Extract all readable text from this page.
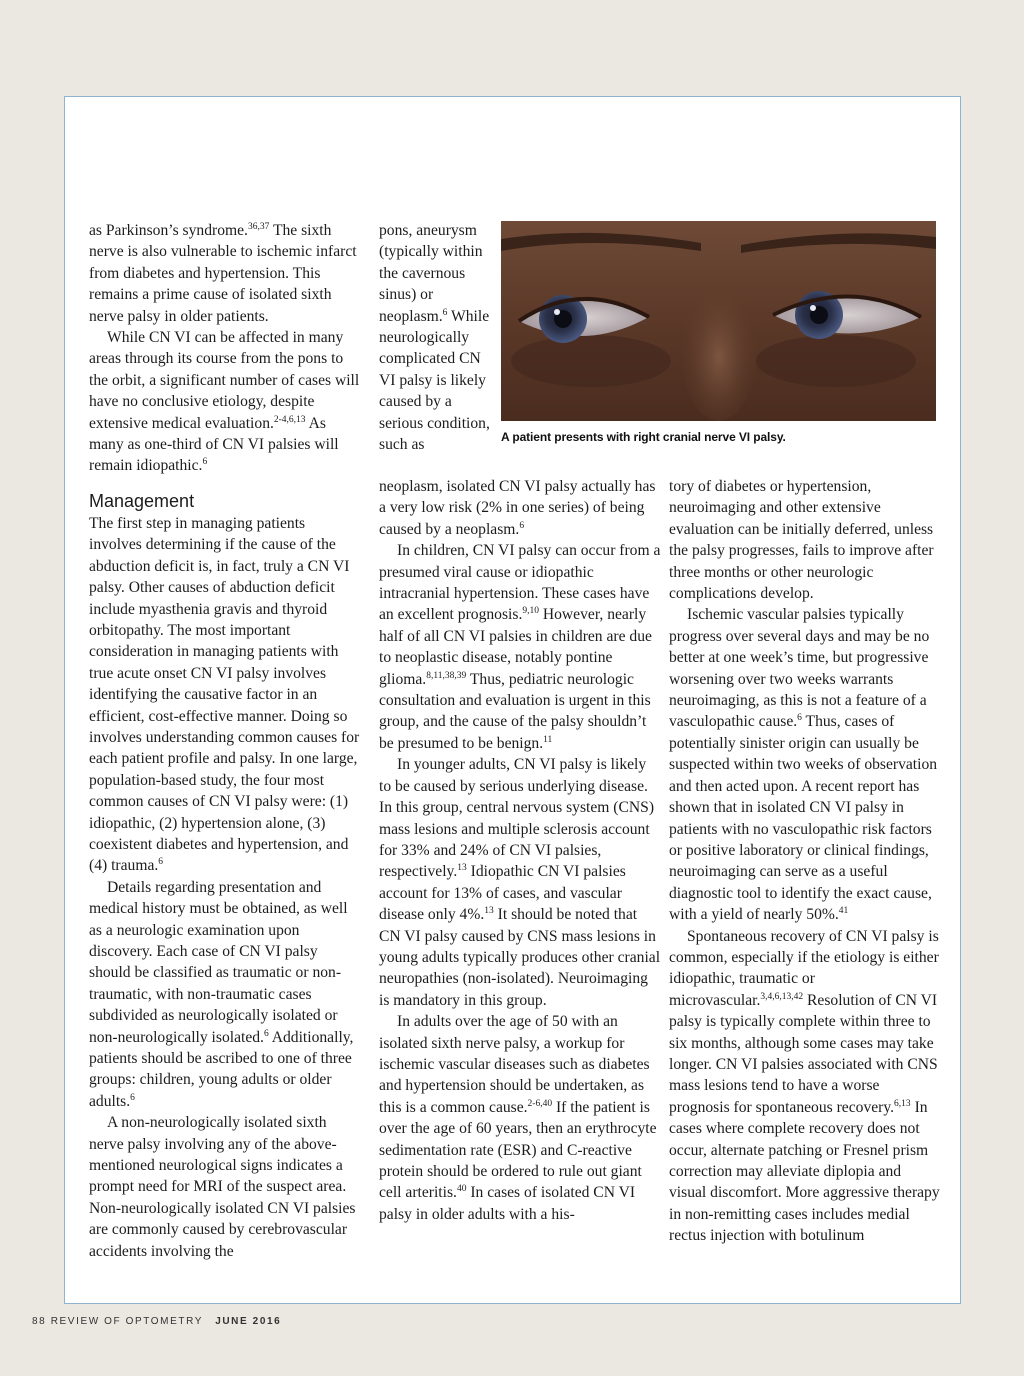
as Parkinson’s syndrome.$^{36,37}$ The sixth nerve is also vulnerable to ischemic infarct from diabetes and hypertension. This remains a prime cause of isolated sixth nerve palsy in older patients.

While CN VI can be affected in many areas through its course from the pons to the orbit, a significant number of cases will have no conclusive etiology, despite extensive medical evaluation.$^{2-4,6,13}$ As many as one-third of CN VI palsies will remain idiopathic.$^6$

Management

The first step in managing patients involves determining if the cause of the abduction deficit is, in fact, truly a CN VI palsy. Other causes of abduction deficit include myasthenia gravis and thyroid orbitopathy. The most important consideration in managing patients with true acute onset CN VI palsy involves identifying the causative factor in an efficient, cost-effective manner. Doing so involves understanding common causes for each patient profile and palsy. In one large, population-based study, the four most common causes of CN VI palsy were: (1) idiopathic, (2) hypertension alone, (3) coexistent diabetes and hypertension, and (4) trauma.$^6$

Details regarding presentation and medical history must be obtained, as well as a neurologic examination upon discovery. Each case of CN VI palsy should be classified as traumatic or non-traumatic, with non-traumatic cases subdivided as neurologically isolated or non-neurologically isolated.$^6$ Additionally, patients should be ascribed to one of three groups: children, young adults or older adults.$^6$

A non-neurologically isolated sixth nerve palsy involving any of the above-mentioned neurological signs indicates a prompt need for MRI of the suspect area. Non-neurologically isolated CN VI palsies are commonly caused by cerebrovascular accidents involving the

pons, aneurysm (typically within the cavernous sinus) or neoplasm.$^6$ While neurologically complicated CN VI palsy is likely caused by a serious condition, such as

neoplasm, isolated CN VI palsy actually has a very low risk (2% in one series) of being caused by a neoplasm.$^6$

In children, CN VI palsy can occur from a presumed viral cause or idiopathic intracranial hypertension. These cases have an excellent prognosis.$^{9,10}$ However, nearly half of all CN VI palsies in children are due to neoplastic disease, notably pontine glioma.$^{8,11,38,39}$ Thus, pediatric neurologic consultation and evaluation is urgent in this group, and the cause of the palsy shouldn’t be presumed to be benign.$^{11}$

In younger adults, CN VI palsy is likely to be caused by serious underlying disease. In this group, central nervous system (CNS) mass lesions and multiple sclerosis account for 33% and 24% of CN VI palsies, respectively.$^{13}$ Idiopathic CN VI palsies account for 13% of cases, and vascular disease only 4%.$^{13}$ It should be noted that CN VI palsy caused by CNS mass lesions in young adults typically produces other cranial neuropathies (non-isolated). Neuroimaging is mandatory in this group.

In adults over the age of 50 with an isolated sixth nerve palsy, a workup for ischemic vascular diseases such as diabetes and hypertension should be undertaken, as this is a common cause.$^{2-6,40}$ If the patient is over the age of 60 years, then an erythrocyte sedimentation rate (ESR) and C-reactive protein should be ordered to rule out giant cell arteritis.$^{40}$ In cases of isolated CN VI palsy in older adults with a his-

A patient presents with right cranial nerve VI palsy.

tory of diabetes or hypertension, neuroimaging and other extensive evaluation can be initially deferred, unless the palsy progresses, fails to improve after three months or other neurologic complications develop.

Ischemic vascular palsies typically progress over several days and may be no better at one week’s time, but progressive worsening over two weeks warrants neuroimaging, as this is not a feature of a vasculopathic cause.$^6$ Thus, cases of potentially sinister origin can usually be suspected within two weeks of observation and then acted upon. A recent report has shown that in isolated CN VI palsy in patients with no vasculopathic risk factors or positive laboratory or clinical findings, neuroimaging can serve as a useful diagnostic tool to identify the exact cause, with a yield of nearly 50%.$^{41}$

Spontaneous recovery of CN VI palsy is common, especially if the etiology is either idiopathic, traumatic or microvascular.$^{3,4,6,13,42}$ Resolution of CN VI palsy is typically complete within three to six months, although some cases may take longer. CN VI palsies associated with CNS mass lesions tend to have a worse prognosis for spontaneous recovery.$^{6,13}$ In cases where complete recovery does not occur, alternate patching or Fresnel prism correction may alleviate diplopia and visual discomfort. More aggressive therapy in non-remitting cases includes medial rectus injection with botulinum

88 REVIEW OF OPTOMETRY JUNE 2016
